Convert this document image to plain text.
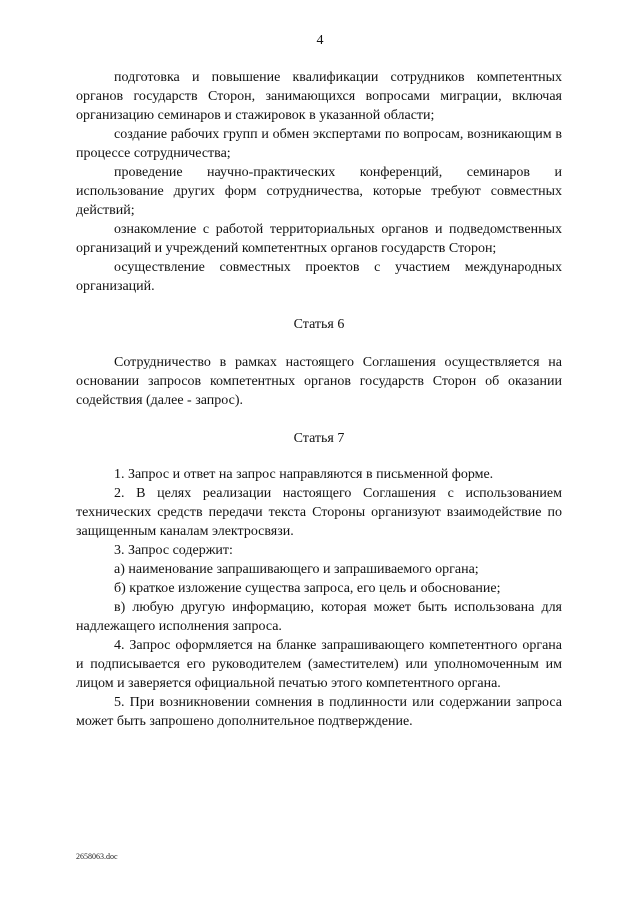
4

подготовка и повышение квалификации сотрудников компетентных органов государств Сторон, занимающихся вопросами миграции, включая организацию семинаров и стажировок в указанной области;

создание рабочих групп и обмен экспертами по вопросам, возникающим в процессе сотрудничества;

проведение научно-практических конференций, семинаров и использование других форм сотрудничества, которые требуют совместных действий;

ознакомление с работой территориальных органов и подведомственных организаций и учреждений компетентных органов государств Сторон;

осуществление совместных проектов с участием международных организаций.

Статья 6

Сотрудничество в рамках настоящего Соглашения осуществляется на основании запросов компетентных органов государств Сторон об оказании содействия (далее - запрос).

Статья 7

1. Запрос и ответ на запрос направляются в письменной форме.

2. В целях реализации настоящего Соглашения с использованием технических средств передачи текста Стороны организуют взаимодействие по защищенным каналам электросвязи.

3. Запрос содержит:

а) наименование запрашивающего и запрашиваемого органа;

б) краткое изложение существа запроса, его цель и обоснование;

в) любую другую информацию, которая может быть использована для надлежащего исполнения запроса.

4. Запрос оформляется на бланке запрашивающего компетентного органа и подписывается его руководителем (заместителем) или уполномоченным им лицом и заверяется официальной печатью этого компетентного органа.

5. При возникновении сомнения в подлинности или содержании запроса может быть запрошено дополнительное подтверждение.

2658063.doc
